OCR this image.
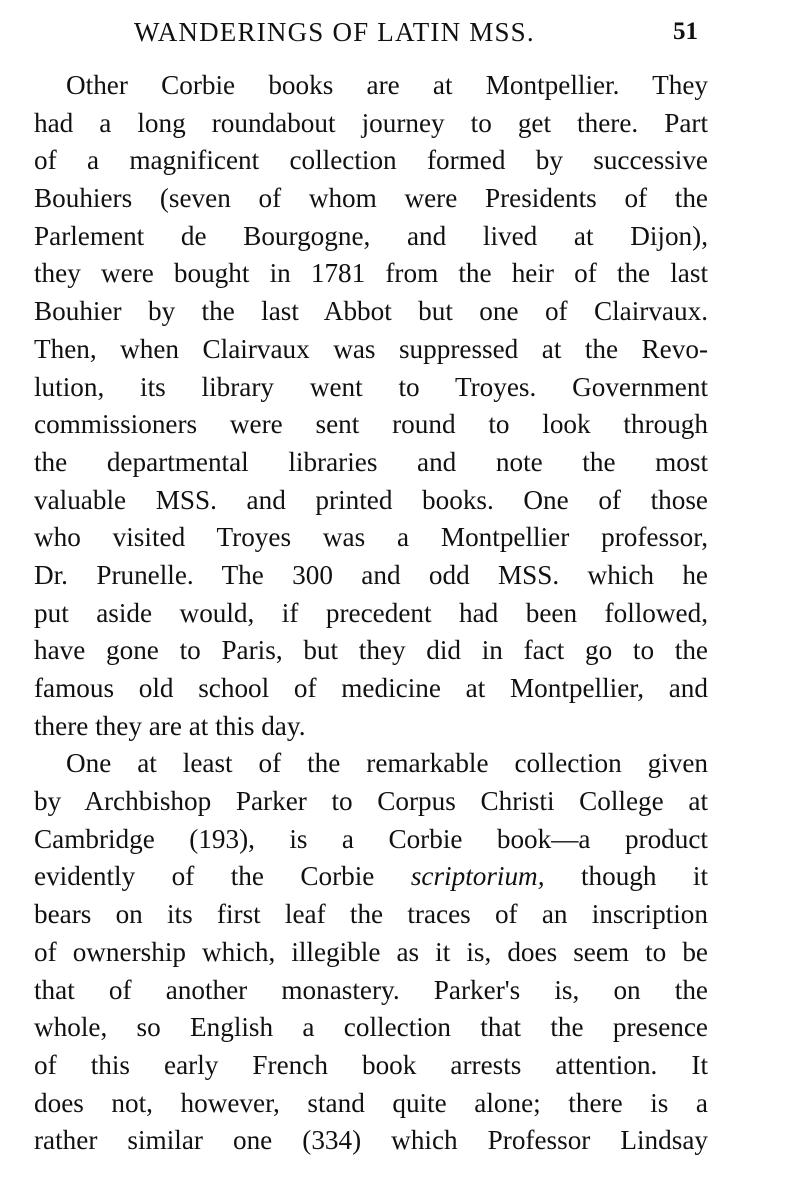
WANDERINGS OF LATIN MSS.	51

Other Corbie books are at Montpellier. They
had a long roundabout journey to get there. Part
of a magnificent collection formed by successive
Bouhiers (seven of whom were Presidents of the
Parlement de Bourgogne, and lived at Dijon),
they were bought in 1781 from the heir of the last
Bouhier by the last Abbot but one of Clairvaux.
Then, when Clairvaux was suppressed at the Revo-
lution, its library went to Troyes. Government
commissioners were sent round to look through
the departmental libraries and note the most
valuable MSS. and printed books. One of those
who visited Troyes was a Montpellier professor,
Dr. Prunelle. The 300 and odd MSS. which he
put aside would, if precedent had been followed,
have gone to Paris, but they did in fact go to the
famous old school of medicine at Montpellier, and
there they are at this day.

One at least of the remarkable collection given
by Archbishop Parker to Corpus Christi College at
Cambridge (193), is a Corbie book—a product
evidently of the Corbie scriptorium, though it
bears on its first leaf the traces of an inscription
of ownership which, illegible as it is, does seem to be
that of another monastery. Parker's is, on the
whole, so English a collection that the presence
of this early French book arrests attention. It
does not, however, stand quite alone; there is a
rather similar one (334) which Professor Lindsay
